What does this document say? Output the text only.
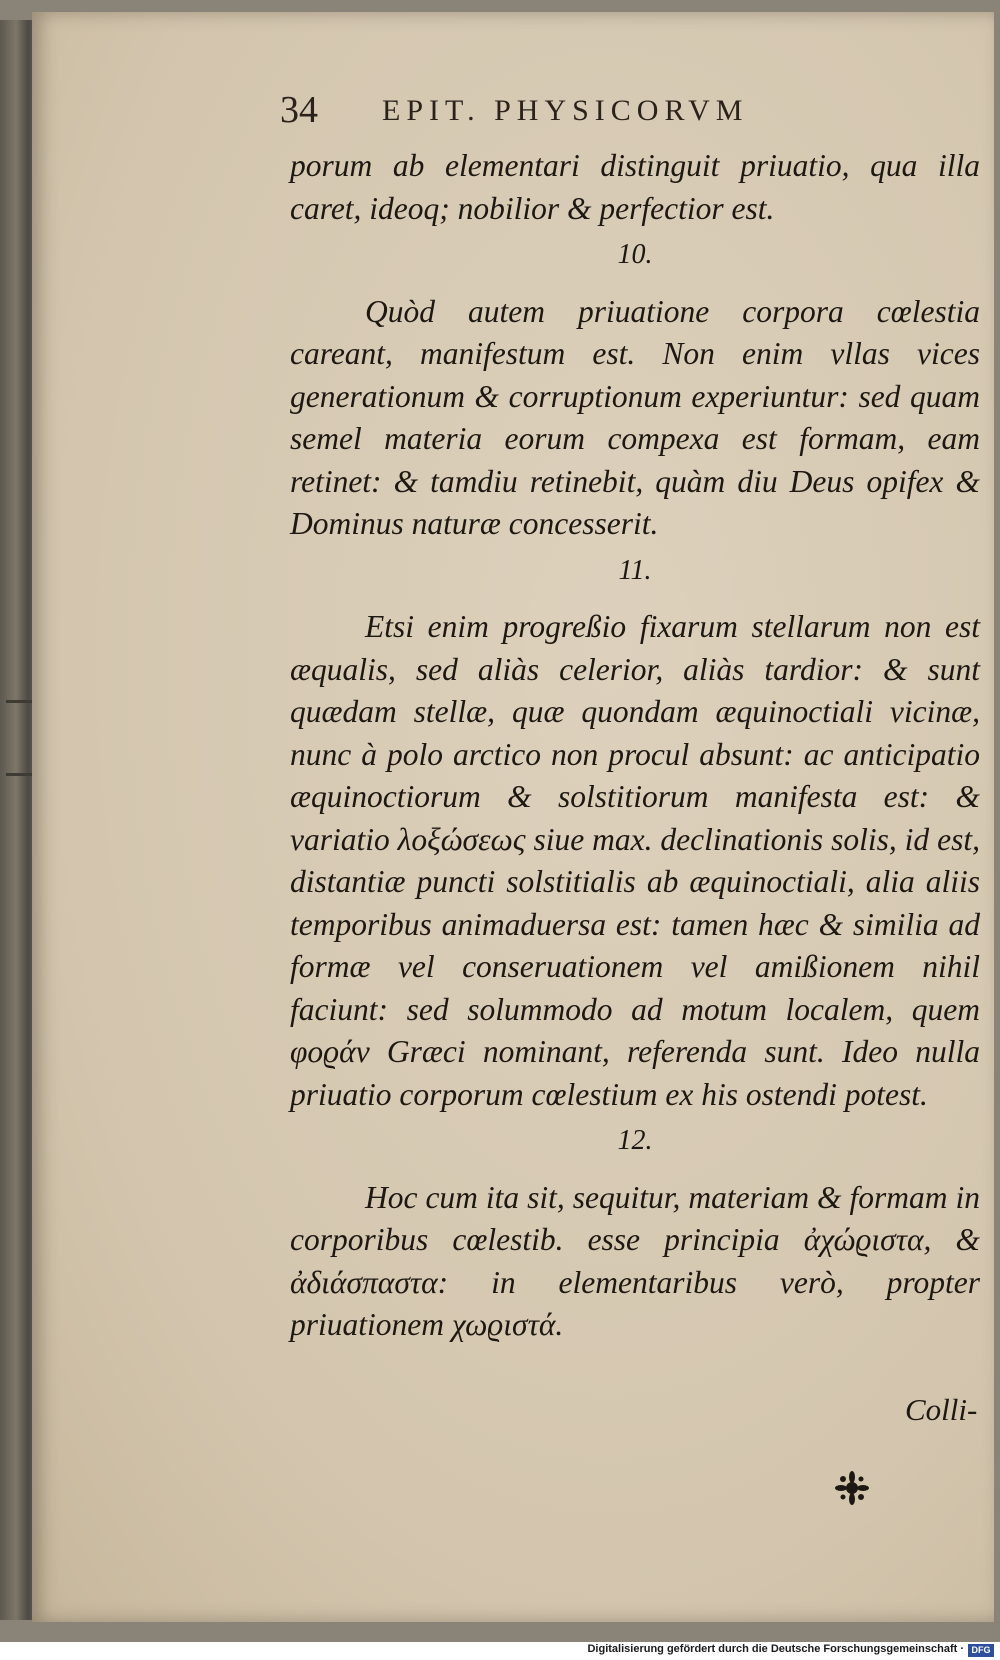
34 EPIT. PHYSICORVM

porum ab elementari distinguit priuatio, qua illa caret, ideoq; nobilior & perfectior est.

10.

Quòd autem priuatione corpora cœlestia careant, manifestum est. Non enim vllas vices generationum & corruptionum experiuntur: sed quam semel materia eorum compexa est formam, eam retinet: & tamdiu retinebit, quàm diu Deus opifex & Dominus naturæ concesserit.

11.

Etsi enim progreßio fixarum stellarum non est æqualis, sed aliàs celerior, aliàs tardior: & sunt quædam stellæ, quæ quondam æquinoctiali vicinæ, nunc à polo arctico non procul absunt: ac anticipatio æquinoctiorum & solstitiorum manifesta est: & variatio λοξώσεως siue max. declinationis solis, id est, distantiæ puncti solstitialis ab æquinoctiali, alia aliis temporibus animaduersa est: tamen hæc & similia ad formæ vel conseruationem vel amißionem nihil faciunt: sed solummodo ad motum localem, quem φοϱάν Græci nominant, referenda sunt. Ideo nulla priuatio corporum cœlestium ex his ostendi potest.

12.

Hoc cum ita sit, sequitur, materiam & formam in corporibus cœlestib. esse principia ἀχώϱιστα, & ἀδιάσπαστα: in elementaribus verò, propter priuationem χωϱιστά.

Colli-
Digitalisierung gefördert durch die Deutsche Forschungsgemeinschaft · DFG
